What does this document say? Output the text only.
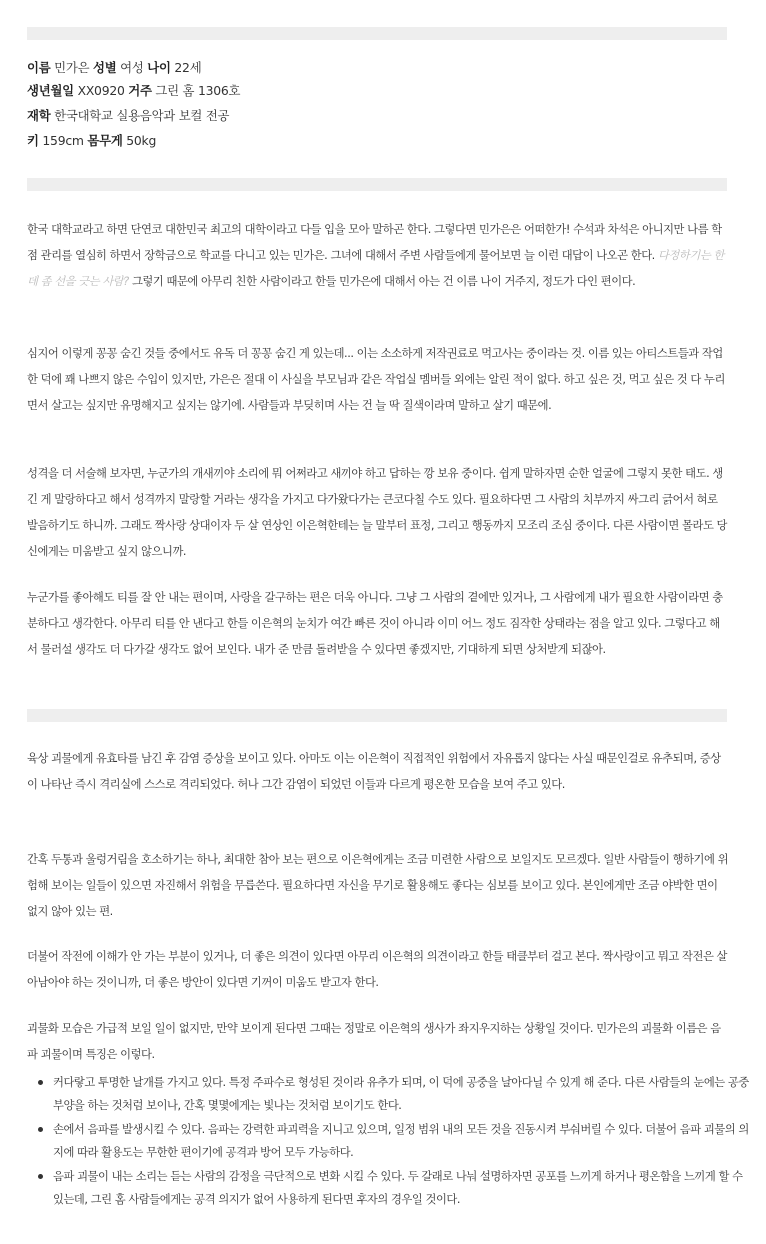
이름 민가은 성별 여성 나이 22세
생년월일 XX0920 거주 그린 홈 1306호
재학 한국대학교 실용음악과 보컬 전공
키 159cm 몸무게 50kg

한국 대학교라고 하면 단연코 대한민국 최고의 대학이라고 다들 입을 모아 말하곤 한다. 그렇다면 민가은은 어떠한가! 수석과 차석은 아니지만 나름 학점 관리를 열심히 하면서 장학금으로 학교를 다니고 있는 민가은. 그녀에 대해서 주변 사람들에게 물어보면 늘 이런 대답이 나오곤 한다. 다정하기는 한데 좀 선을 긋는 사람? 그렇기 때문에 아무리 친한 사람이라고 한들 민가은에 대해서 아는 건 이름 나이 거주지, 정도가 다인 편이다.

심지어 이렇게 꽁꽁 숨긴 것들 중에서도 유독 더 꽁꽁 숨긴 게 있는데... 이는 소소하게 저작권료로 먹고사는 중이라는 것. 이름 있는 아티스트들과 작업한 덕에 꽤 나쁘지 않은 수입이 있지만, 가은은 절대 이 사실을 부모님과 같은 작업실 멤버들 외에는 알린 적이 없다. 하고 싶은 것, 먹고 싶은 것 다 누리면서 살고는 싶지만 유명해지고 싶지는 않기에. 사람들과 부딪히며 사는 건 늘 딱 질색이라며 말하고 살기 때문에.

성격을 더 서술해 보자면, 누군가의 개새끼야 소리에 뭐 어쩌라고 새끼야 하고 답하는 깡 보유 중이다. 쉽게 말하자면 순한 얼굴에 그렇지 못한 태도. 생긴 게 말랑하다고 해서 성격까지 말랑할 거라는 생각을 가지고 다가왔다가는 큰코다칠 수도 있다. 필요하다면 그 사람의 치부까지 싸그리 긁어서 혀로 발음하기도 하니까. 그래도 짝사랑 상대이자 두 살 연상인 이은혁한테는 늘 말부터 표정, 그리고 행동까지 모조리 조심 중이다. 다른 사람이면 몰라도 당신에게는 미움받고 싶지 않으니까.

누군가를 좋아해도 티를 잘 안 내는 편이며, 사랑을 갈구하는 편은 더욱 아니다. 그냥 그 사람의 곁에만 있거나, 그 사람에게 내가 필요한 사람이라면 충분하다고 생각한다. 아무리 티를 안 낸다고 한들 이은혁의 눈치가 여간 빠른 것이 아니라 이미 어느 정도 짐작한 상태라는 점을 알고 있다. 그렇다고 해서 물러설 생각도 더 다가갈 생각도 없어 보인다. 내가 준 만큼 돌려받을 수 있다면 좋겠지만, 기대하게 되면 상처받게 되잖아.

육상 괴물에게 유효타를 남긴 후 감염 증상을 보이고 있다. 아마도 이는 이은혁이 직접적인 위험에서 자유롭지 않다는 사실 때문인걸로 유추되며, 증상이 나타난 즉시 격리실에 스스로 격리되었다. 허나 그간 감염이 되었던 이들과 다르게 평온한 모습을 보여 주고 있다.

간혹 두통과 울렁거림을 호소하기는 하나, 최대한 참아 보는 편으로 이은혁에게는 조금 미련한 사람으로 보일지도 모르겠다. 일반 사람들이 행하기에 위험해 보이는 일들이 있으면 자진해서 위험을 무릅쓴다. 필요하다면 자신을 무기로 활용해도 좋다는 심보를 보이고 있다. 본인에게만 조금 야박한 면이 없지 않아 있는 편.

더불어 작전에 이해가 안 가는 부분이 있거나, 더 좋은 의견이 있다면 아무리 이은혁의 의견이라고 한들 태클부터 걸고 본다. 짝사랑이고 뭐고 작전은 살아남아야 하는 것이니까, 더 좋은 방안이 있다면 기꺼이 미움도 받고자 한다.

괴물화 모습은 가급적 보일 일이 없지만, 만약 보이게 된다면 그때는 정말로 이은혁의 생사가 좌지우지하는 상황일 것이다. 민가은의 괴물화 이름은 음파 괴물이며 특징은 이렇다.

커다랗고 투명한 날개를 가지고 있다. 특정 주파수로 형성된 것이라 유추가 되며, 이 덕에 공중을 날아다닐 수 있게 해 준다. 다른 사람들의 눈에는 공중부양을 하는 것처럼 보이나, 간혹 몇몇에게는 빛나는 것처럼 보이기도 한다.
손에서 음파를 발생시킬 수 있다. 음파는 강력한 파괴력을 지니고 있으며, 일정 범위 내의 모든 것을 진동시켜 부숴버릴 수 있다. 더불어 음파 괴물의 의지에 따라 활용도는 무한한 편이기에 공격과 방어 모두 가능하다.
음파 괴물이 내는 소리는 듣는 사람의 감정을 극단적으로 변화 시킬 수 있다. 두 갈래로 나눠 설명하자면 공포를 느끼게 하거나 평온함을 느끼게 할 수 있는데, 그린 홈 사람들에게는 공격 의지가 없어 사용하게 된다면 후자의 경우일 것이다.
